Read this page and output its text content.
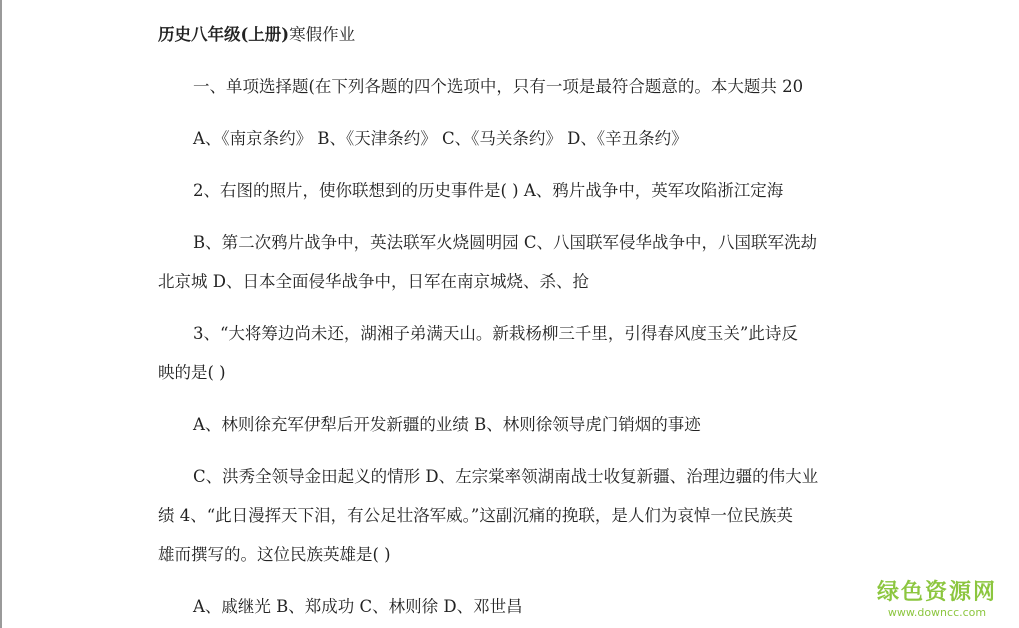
历史八年级(上册)寒假作业
一、单项选择题(在下列各题的四个选项中，只有一项是最符合题意的。本大题共 20
A、《南京条约》 B、《天津条约》 C、《马关条约》 D、《辛丑条约》
2、右图的照片，使你联想到的历史事件是( ) A、鸦片战争中，英军攻陷浙江定海
B、第二次鸦片战争中，英法联军火烧圆明园 C、八国联军侵华战争中，八国联军洗劫
北京城 D、日本全面侵华战争中，日军在南京城烧、杀、抢
3、“大将筹边尚未还，湖湘子弟满天山。新栽杨柳三千里，引得春风度玉关”此诗反
映的是( )
A、林则徐充军伊犁后开发新疆的业绩 B、林则徐领导虎门销烟的事迹
C、洪秀全领导金田起义的情形 D、左宗棠率领湖南战士收复新疆、治理边疆的伟大业
绩 4、“此日漫挥天下泪，有公足壮洛军威。”这副沉痛的挽联，是人们为哀悼一位民族英
雄而撰写的。这位民族英雄是( )
A、戚继光 B、郑成功 C、林则徐 D、邓世昌
绿色资源网
www.downcc.com
